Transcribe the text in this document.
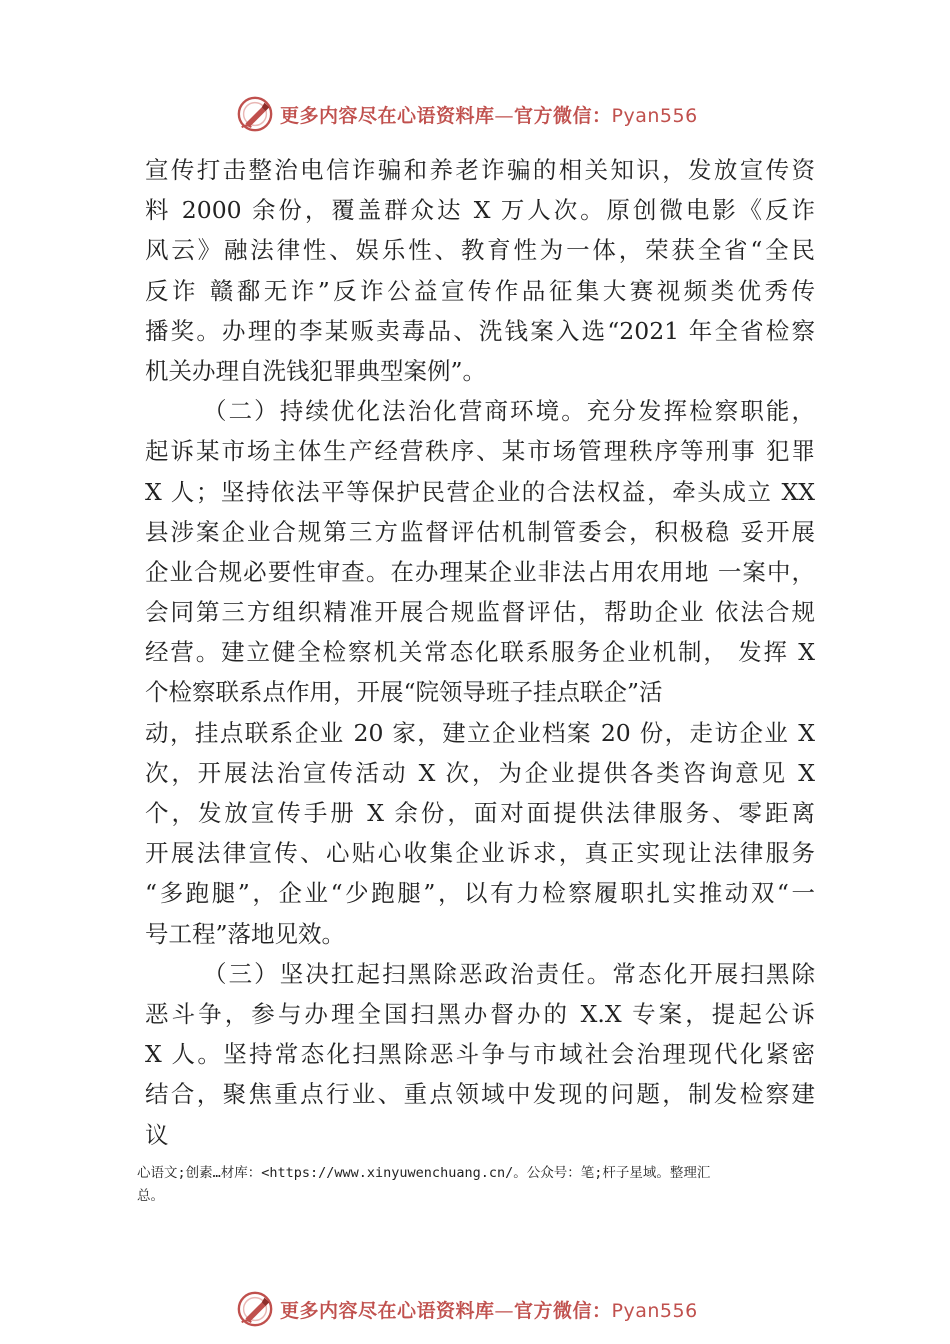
更多内容尽在心语资料库—官方微信：Pyan556
宣传打击整治电信诈骗和养老诈骗的相关知识，发放宣传资
料 2000 余份，覆盖群众达 X 万人次。原创微电影《反诈
风云》融法律性、娱乐性、教育性为一体，荣获全省“全民
反诈 赣鄱无诈”反诈公益宣传作品征集大赛视频类优秀传
播奖。办理的李某贩卖毒品、洗钱案入选“2021 年全省检察
机关办理自洗钱犯罪典型案例”。
（二）持续优化法治化营商环境。充分发挥检察职能，
起诉某市场主体生产经营秩序、某市场管理秩序等刑事 犯罪
X 人；坚持依法平等保护民营企业的合法权益，牵头成立 XX
县涉案企业合规第三方监督评估机制管委会，积极稳 妥开展
企业合规必要性审查。在办理某企业非法占用农用地 一案中，
会同第三方组织精准开展合规监督评估，帮助企业 依法合规
经营。建立健全检察机关常态化联系服务企业机制， 发挥 X
个检察联系点作用，开展“院领导班子挂点联企”活
动，挂点联系企业 20 家，建立企业档案 20 份，走访企业 X
次，开展法治宣传活动 X 次，为企业提供各类咨询意见 X
个，发放宣传手册 X 余份，面对面提供法律服务、零距离
开展法律宣传、心贴心收集企业诉求，真正实现让法律服务
“多跑腿”，企业“少跑腿”，以有力检察履职扎实推动双“一
号工程”落地见效。
（三）坚决扛起扫黑除恶政治责任。常态化开展扫黑除
恶斗争，参与办理全国扫黑办督办的 X.X 专案，提起公诉
X 人。坚持常态化扫黑除恶斗争与市域社会治理现代化紧密
结合，聚焦重点行业、重点领域中发现的问题，制发检察建
议
心语文;创素…材库：<https://www.xinyuwenchuang.cn/。公众号：笔;杆子星域。整理汇
总。
更多内容尽在心语资料库—官方微信：Pyan556
